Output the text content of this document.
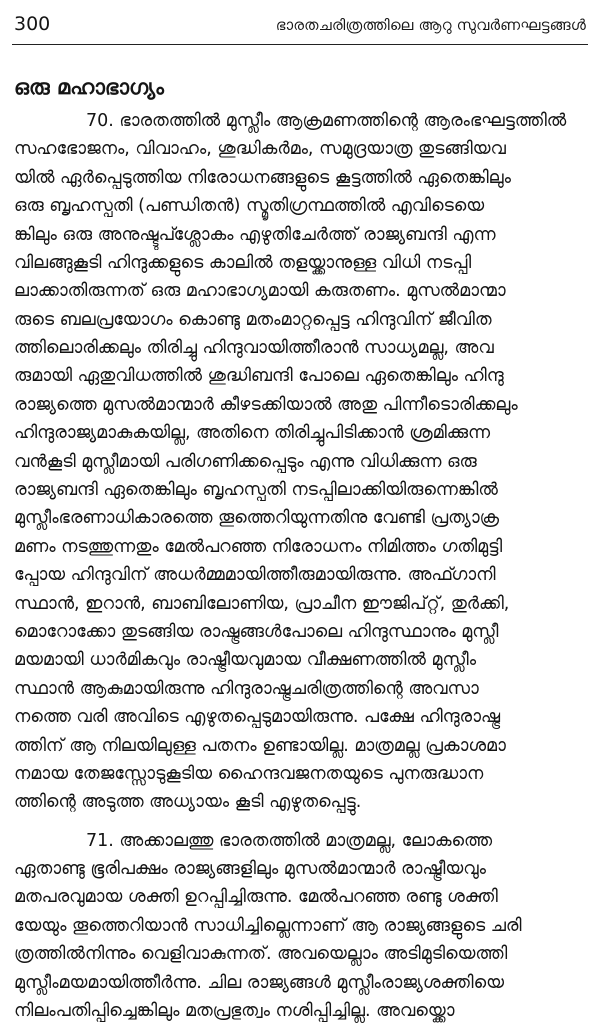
300	ഭാരതചരിത്രത്തിലെ ആറു സുവർണഘട്ടങ്ങൾ
ഒരു മഹാഭാഗ്യം
70. ഭാരതത്തിൽ മുസ്ലീം ആക്രമണത്തിന്റെ ആരംഭഘട്ടത്തിൽ
സഹഭോജനം, വിവാഹം, ശുദ്ധികർമം, സമുദ്രയാത്ര തുടങ്ങിയവ
യിൽ ഏർപ്പെടുത്തിയ നിരോധനങ്ങളുടെ കൂട്ടത്തിൽ ഏതെങ്കിലും
ഒരു ബൃഹസ്പതി (പണ്ഡിതൻ) സ്മൃതിഗ്രന്ഥത്തിൽ എവിടെയെ
ങ്കിലും ഒരു അനുഷ്ടുപ്ശ്ലോകം എഴുതിചേർത്ത് രാജ്യബന്ദി എന്ന
വിലങ്ങുകൂടി ഹിന്ദുക്കളുടെ കാലിൽ തളയ്ക്കാനുള്ള വിധി നടപ്പി
ലാക്കാതിരുന്നത് ഒരു മഹാഭാഗ്യമായി കരുതണം. മുസൽമാന്മാ
രുടെ ബലപ്രയോഗം കൊണ്ടു മതംമാറ്റപ്പെട്ട ഹിന്ദുവിന് ജീവിത
ത്തിലൊരിക്കലും തിരിച്ചു ഹിന്ദുവായിത്തീരാൻ സാധ്യമല്ല, അവ
രുമായി ഏതുവിധത്തിൽ ശുദ്ധിബന്ദി പോലെ ഏതെങ്കിലും ഹിന്ദു
രാജ്യത്തെ മുസൽമാന്മാർ കീഴടക്കിയാൽ അതു പിന്നീടൊരിക്കലും
ഹിന്ദുരാജ്യമാകുകയില്ല, അതിനെ തിരിച്ചുപിടിക്കാൻ ശ്രമിക്കുന്ന
വൻകൂടി മുസ്ലീമായി പരിഗണിക്കപ്പെടും എന്നു വിധിക്കുന്ന ഒരു
രാജ്യബന്ദി ഏതെങ്കിലും ബൃഹസ്പതി നടപ്പിലാക്കിയിരുന്നെങ്കിൽ
മുസ്ലീംഭരണാധികാരത്തെ തൂത്തെറിയുന്നതിനു വേണ്ടി പ്രത്യാക്ര
മണം നടത്തുന്നതും മേൽപറഞ്ഞ നിരോധനം നിമിത്തം ഗതിമുട്ടി
പ്പോയ ഹിന്ദുവിന് അധർമ്മമായിത്തീരുമായിരുന്നു. അഫ്ഗാനി
സ്ഥാൻ, ഇറാൻ, ബാബിലോണിയ, പ്രാചീന ഈജിപ്റ്റ്, തുർക്കി,
മൊറോക്കോ തുടങ്ങിയ രാഷ്ട്രങ്ങൾപോലെ ഹിന്ദുസ്ഥാനും മുസ്ലീ
മയമായി ധാർമികവും രാഷ്ട്രീയവുമായ വീക്ഷണത്തിൽ മുസ്ലീം
സ്ഥാൻ ആകുമായിരുന്നു ഹിന്ദുരാഷ്ട്രചരിത്രത്തിന്റെ അവസാ
നത്തെ വരി അവിടെ എഴുതപ്പെടുമായിരുന്നു. പക്ഷേ ഹിന്ദുരാഷ്ട്ര
ത്തിന് ആ നിലയിലുള്ള പതനം ഉണ്ടായില്ല. മാത്രമല്ല പ്രകാശമാ
നമായ തേജസ്സോടുകൂടിയ ഹൈന്ദവജനതയുടെ പുനരുദ്ധാന
ത്തിന്റെ അടുത്ത അധ്യായം കൂടി എഴുതപ്പെട്ടു.
71. അക്കാലത്തു ഭാരതത്തിൽ മാത്രമല്ല, ലോകത്തെ
ഏതാണ്ടു ഭൂരിപക്ഷം രാജ്യങ്ങളിലും മുസൽമാന്മാർ രാഷ്ട്രീയവും
മതപരവുമായ ശക്തി ഉറപ്പിച്ചിരുന്നു. മേൽപറഞ്ഞ രണ്ടു ശക്തി
യേയും തൂത്തെറിയാൻ സാധിച്ചില്ലെന്നാണ് ആ രാജ്യങ്ങളുടെ ചരി
ത്രത്തിൽനിന്നും വെളിവാകുന്നത്. അവയെല്ലാം അടിമുടിയെത്തി
മുസ്ലീംമയമായിത്തീർന്നു. ചില രാജ്യങ്ങൾ മുസ്ലീംരാജ്യശക്തിയെ
നിലംപതിപ്പിച്ചെങ്കിലും മതപ്രഭുത്വം നശിപ്പിച്ചില്ല. അവയ്ക്കൊ
